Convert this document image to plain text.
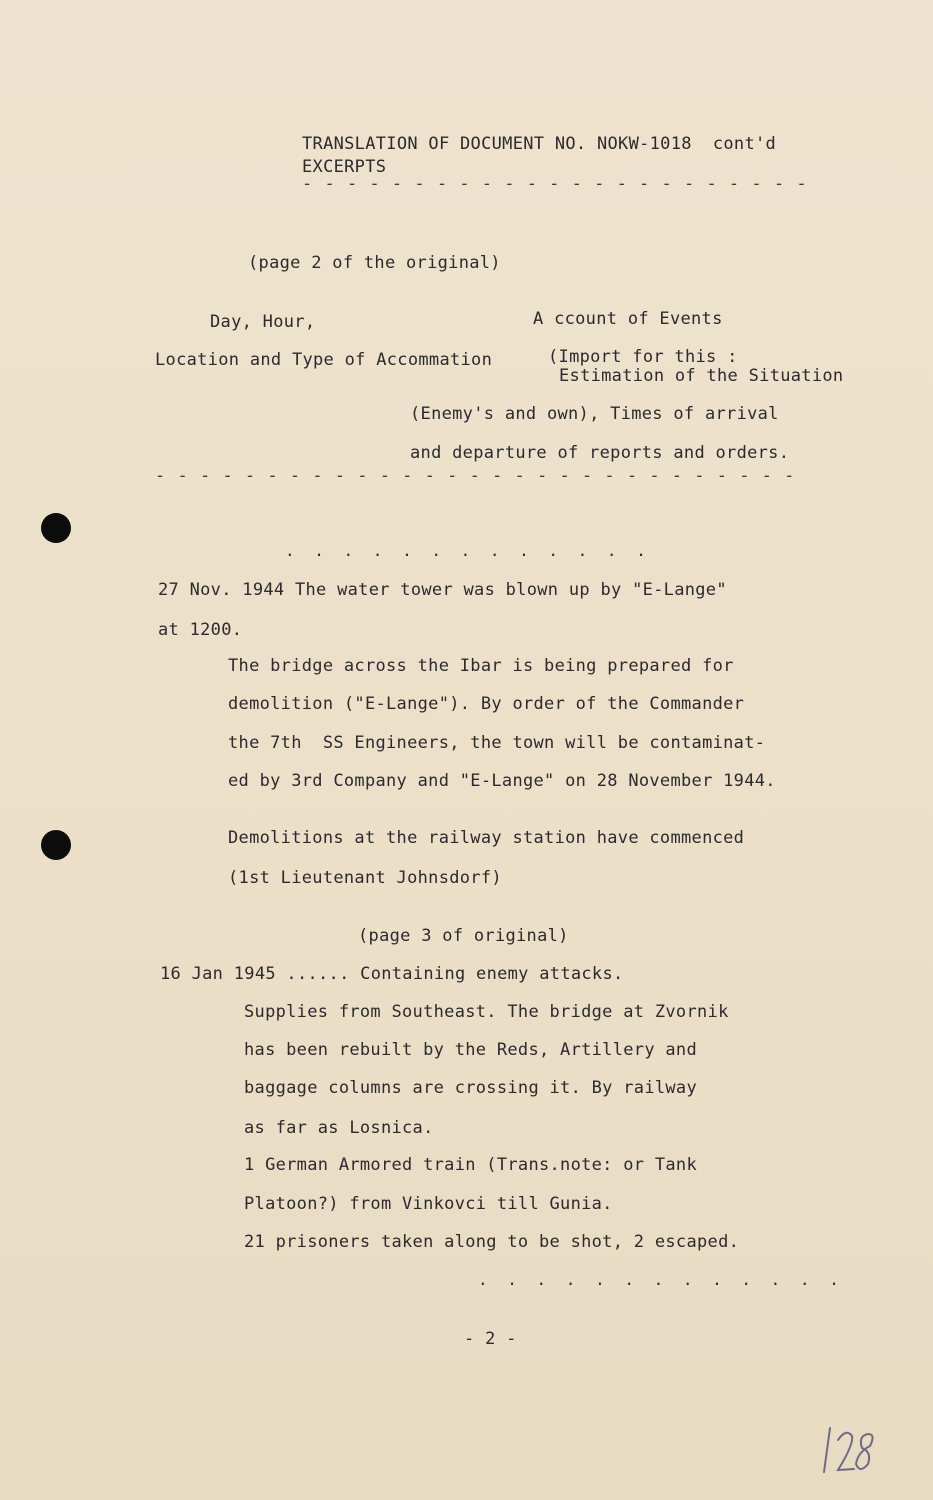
TRANSLATION OF DOCUMENT NO. NOKW-1018  cont'd
EXCERPTS
- - - - - - - - - - - - - - - - - - - - - - -
(page 2 of the original)
Day, Hour,	A ccount of Events
Location and Type of Accommation	(Import for this :
Estimation of the Situation
(Enemy's and own), Times of arrival
and departure of reports and orders.
- - - - - - - - - - - - - - - - - - - - - - - - - - - - -
. . . . . . . . . . . . .
27 Nov. 1944 The water tower was blown up by "E-Lange"
at 1200.
The bridge across the Ibar is being prepared for
demolition ("E-Lange"). By order of the Commander
the 7th  SS Engineers, the town will be contaminat-
ed by 3rd Company and "E-Lange" on 28 November 1944.
Demolitions at the railway station have commenced
(1st Lieutenant Johnsdorf)
(page 3 of original)
16 Jan 1945 ...... Containing enemy attacks.
Supplies from Southeast. The bridge at Zvornik
has been rebuilt by the Reds, Artillery and
baggage columns are crossing it. By railway
as far as Losnica.
1 German Armored train (Trans.note: or Tank
Platoon?) from Vinkovci till Gunia.
21 prisoners taken along to be shot, 2 escaped.
. . . . . . . . . . . . .
- 2 -
